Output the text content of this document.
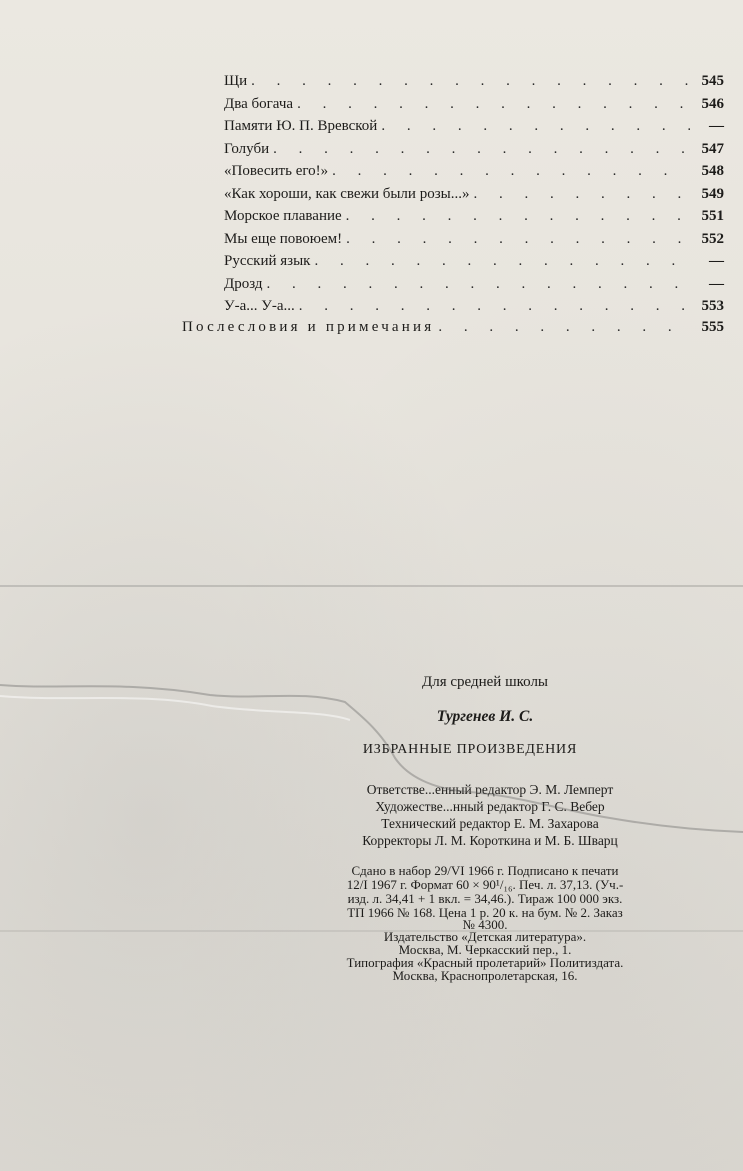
Щи . . .	545
Два богача . . .	546
Памяти Ю. П. Вревской . . .	—
Голуби . . .	547
«Повесить его!» . . .	548
«Как хороши, как свежи были розы...» . . .	549
Морское плавание . . .	551
Мы еще повоюем! . . .	552
Русский язык . . .	—
Дрозд . . .	—
У-а... У-а... . . .	553
Послесловия и примечания . . .	555
Для средней школы
Тургенев И. С.
ИЗБРАННЫЕ ПРОИЗВЕДЕНИЯ
Ответстве...енный редактор Э. М. Лемперт
Художестве...нный редактор Г. С. Вебер
Технический редактор Е. М. Захарова
Корректоры Л. М. Короткина и М. Б. Шварц
Сдано в набор 29/VI 1966 г. Подписано к печати
12/I 1967 г. Формат 60 × 90¹/₁₆. Печ. л. 37,13. (Уч.-
изд. л. 34,41 + 1 вкл. = 34,46.). Тираж 100 000 экз.
ТП 1966 № 168. Цена 1 р. 20 к. на бум. № 2. Заказ
№ 4300.
Издательство «Детская литература».
Москва, М. Черкасский пер., 1.
Типография «Красный пролетарий» Политиздата.
Москва, Краснопролетарская, 16.
